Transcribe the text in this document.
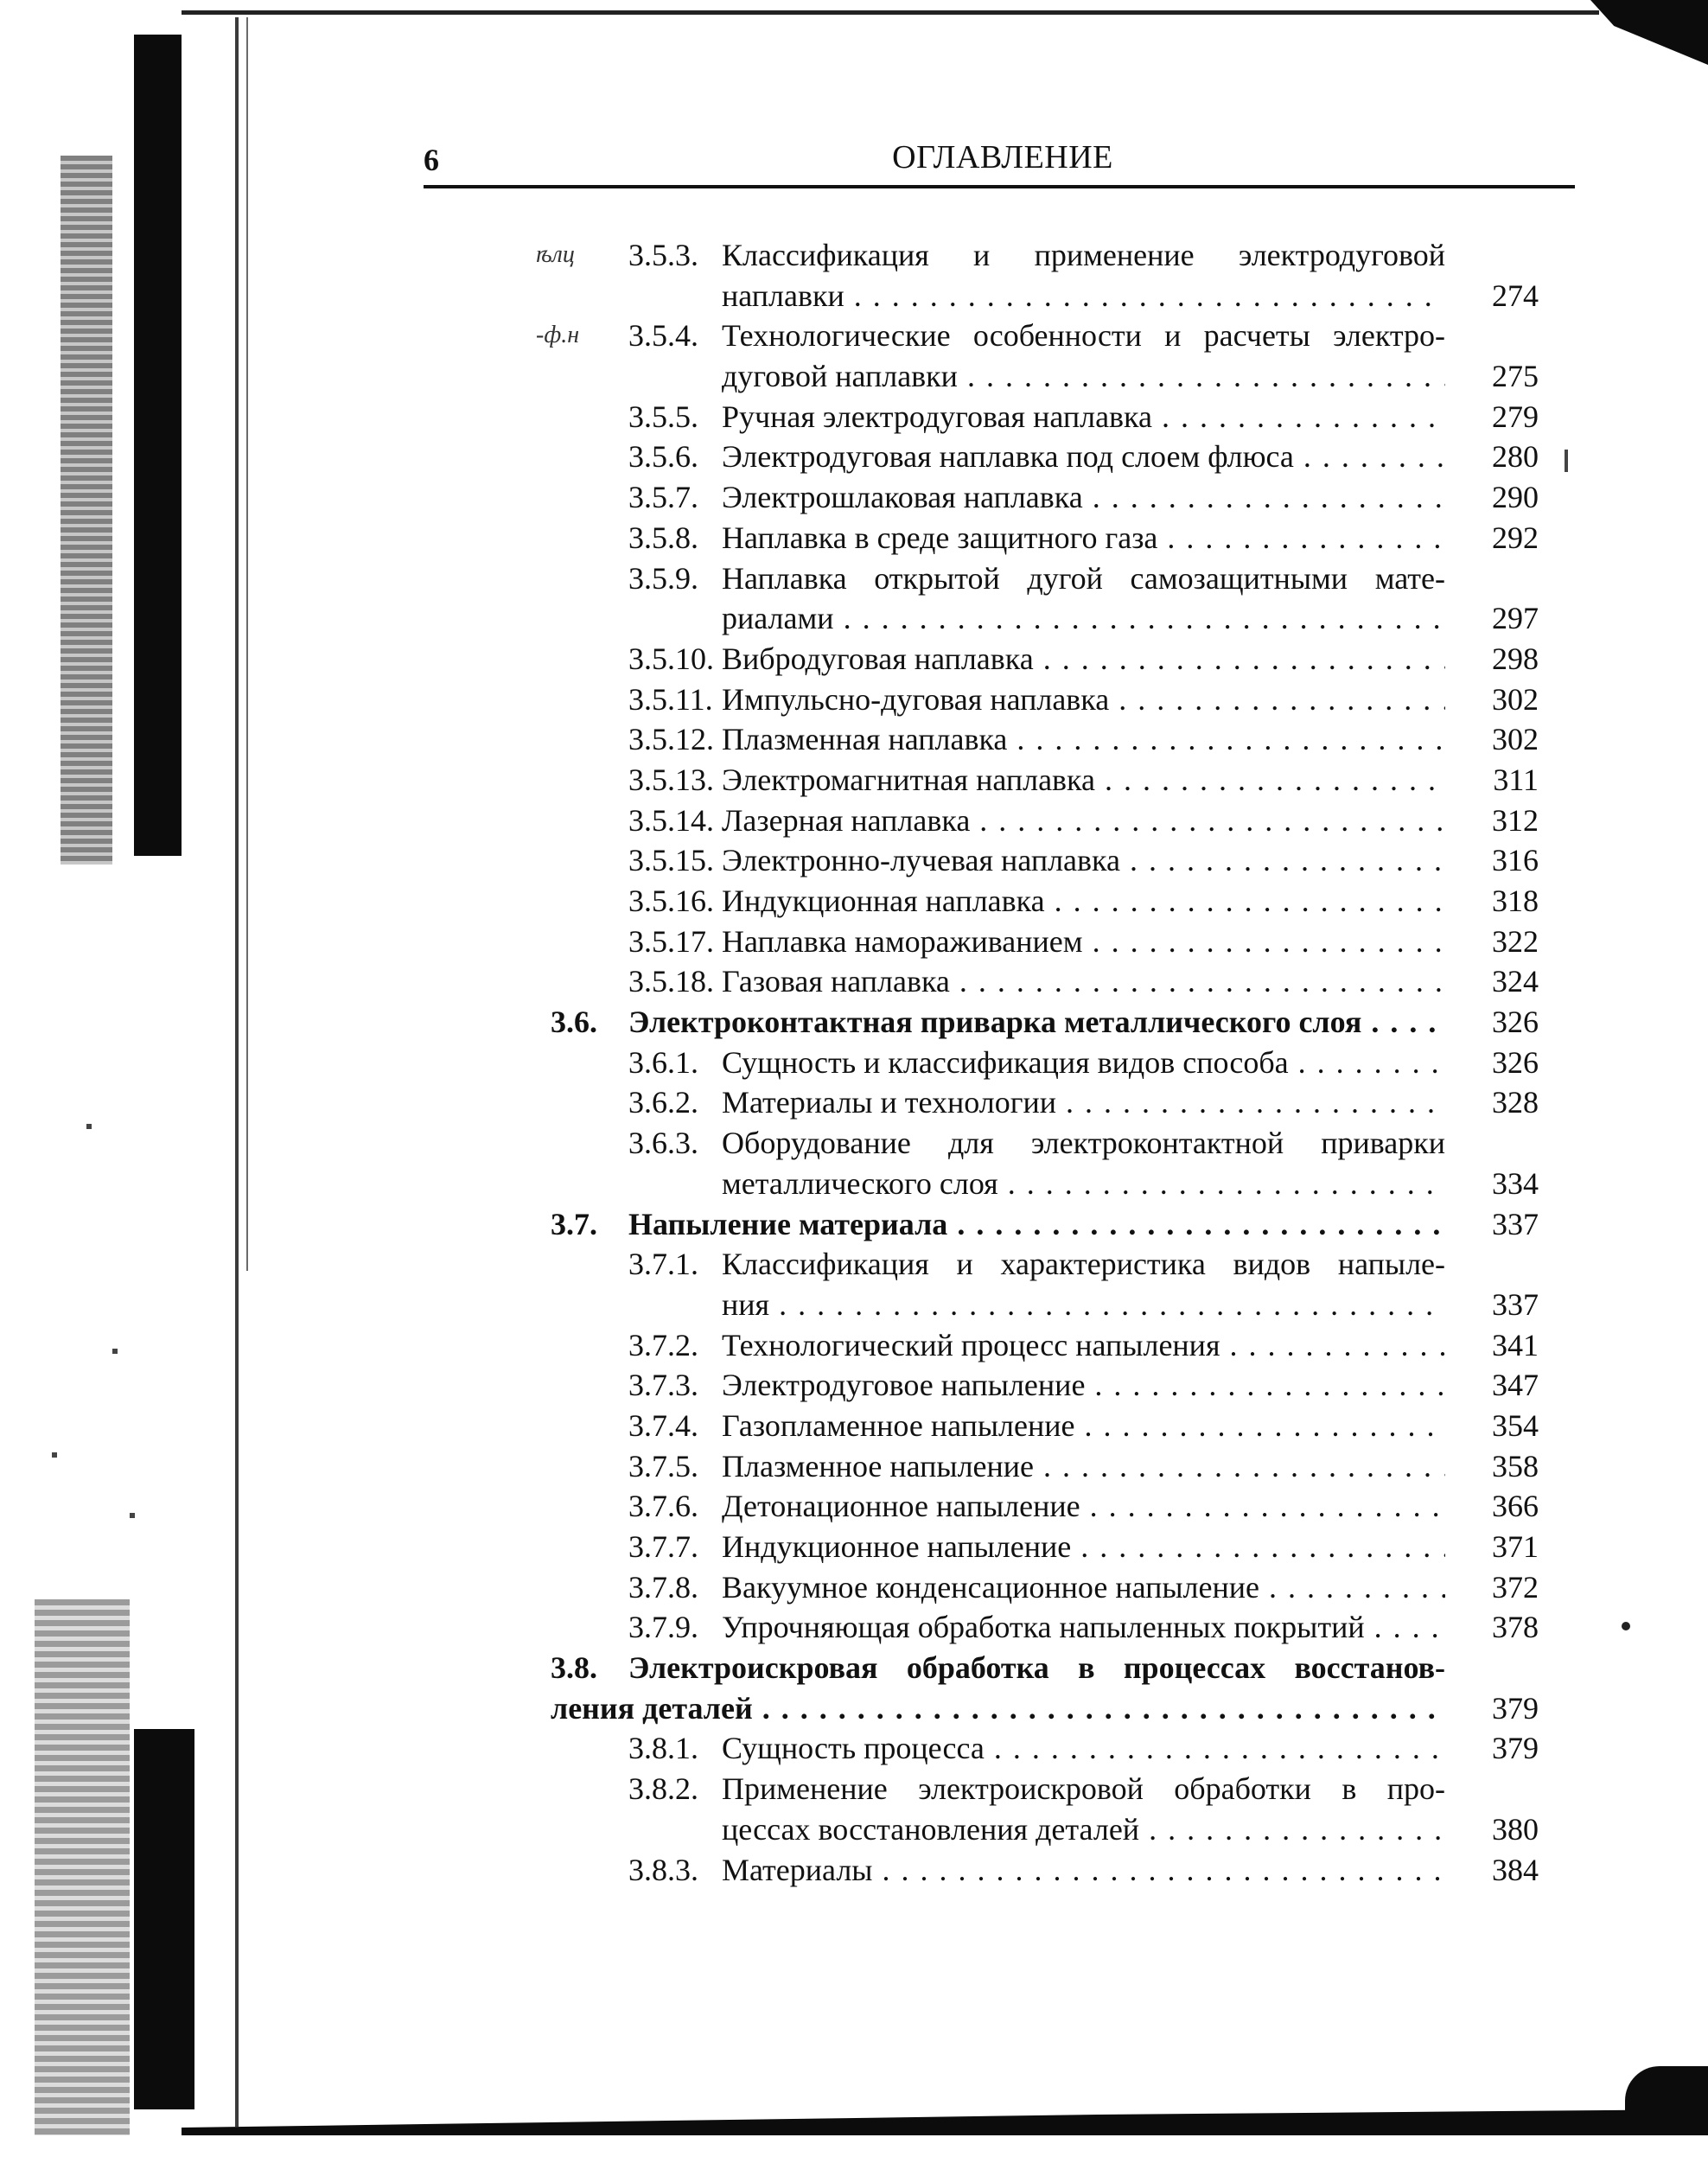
6	ОГЛАВЛЕНИЕ
ѣлц 3.5.3. Классификация и применение электродуговой
наплавки . . .	274
-ф.н 3.5.4. Технологические особенности и расчеты электро-
дуговой наплавки . . .	275
3.5.5. Ручная электродуговая наплавка . . .	279
3.5.6. Электродуговая наплавка под слоем флюса . . .	280
3.5.7. Электрошлаковая наплавка . . .	290
3.5.8. Наплавка в среде защитного газа . . .	292
3.5.9. Наплавка открытой дугой самозащитными мате-
риалами . . .	297
3.5.10. Вибродуговая наплавка . . .	298
3.5.11. Импульсно-дуговая наплавка . . .	302
3.5.12. Плазменная наплавка . . .	302
3.5.13. Электромагнитная наплавка . . .	311
3.5.14. Лазерная наплавка . . .	312
3.5.15. Электронно-лучевая наплавка . . .	316
3.5.16. Индукционная наплавка . . .	318
3.5.17. Наплавка намораживанием . . .	322
3.5.18. Газовая наплавка . . .	324
3.6. Электроконтактная приварка металлического слоя . . .	326
3.6.1. Сущность и классификация видов способа . . .	326
3.6.2. Материалы и технологии . . .	328
3.6.3. Оборудование для электроконтактной приварки
металлического слоя . . .	334
3.7. Напыление материала . . .	337
3.7.1. Классификация и характеристика видов напыле-
ния . . .	337
3.7.2. Технологический процесс напыления . . .	341
3.7.3. Электродуговое напыление . . .	347
3.7.4. Газопламенное напыление . . .	354
3.7.5. Плазменное напыление . . .	358
3.7.6. Детонационное напыление . . .	366
3.7.7. Индукционное напыление . . .	371
3.7.8. Вакуумное конденсационное напыление . . .	372
3.7.9. Упрочняющая обработка напыленных покрытий . . .	378
3.8. Электроискровая обработка в процессах восстанов-
ления деталей . . .	379
3.8.1. Сущность процесса . . .	379
3.8.2. Применение электроискровой обработки в про-
цессах восстановления деталей . . .	380
3.8.3. Материалы . . .	384
